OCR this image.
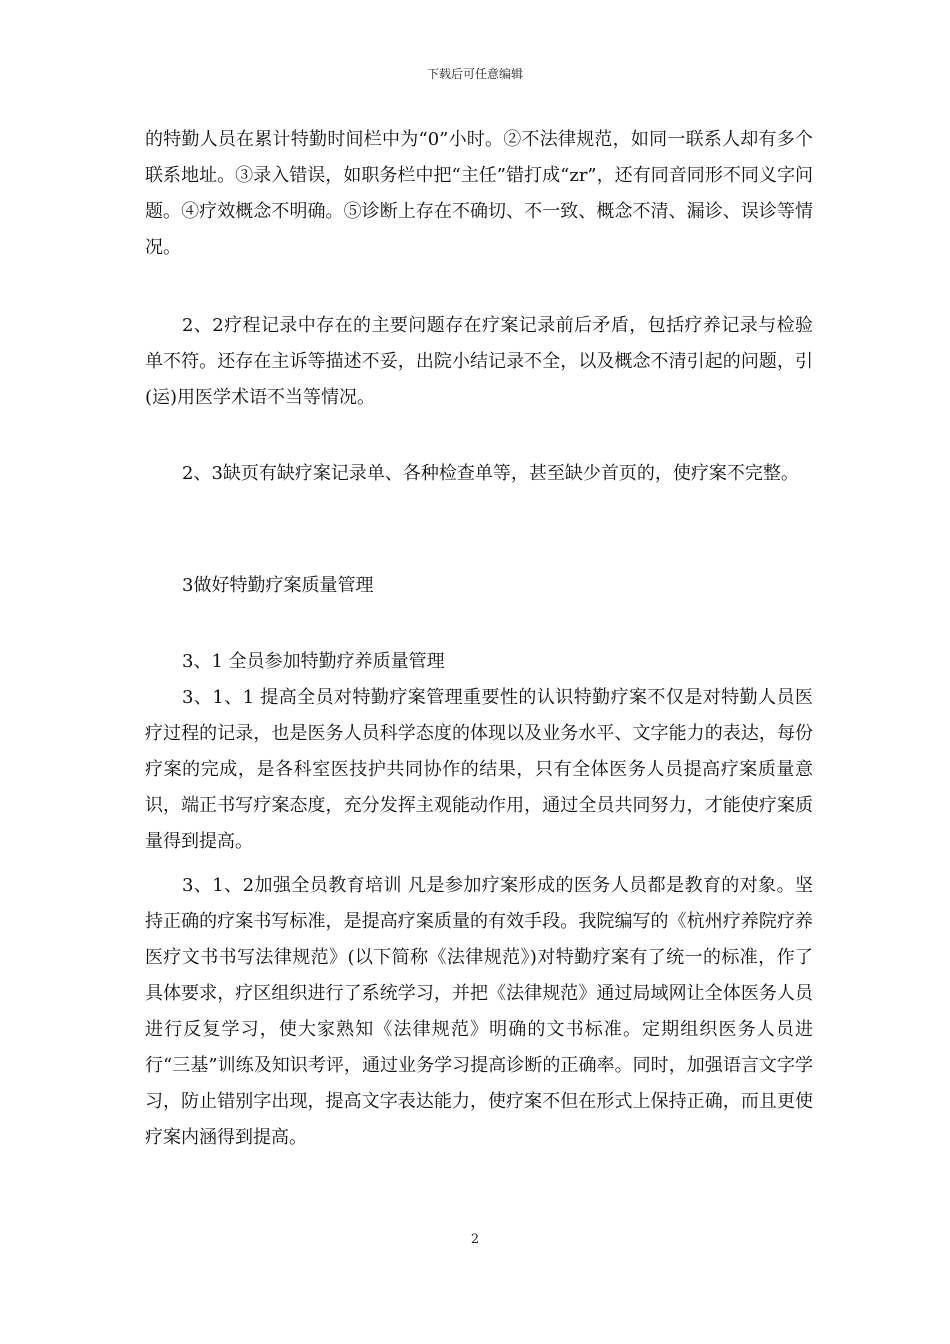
下载后可任意编辑

的特勤人员在累计特勤时间栏中为“0”小时。②不法律规范，如同一联系人却有多个联系地址。③录入错误，如职务栏中把“主任”错打成“zr”，还有同音同形不同义字问题。④疗效概念不明确。⑤诊断上存在不确切、不一致、概念不清、漏诊、误诊等情况。

2、2疗程记录中存在的主要问题存在疗案记录前后矛盾，包括疗养记录与检验单不符。还存在主诉等描述不妥，出院小结记录不全，以及概念不清引起的问题，引(运)用医学术语不当等情况。

2、3缺页有缺疗案记录单、各种检查单等，甚至缺少首页的，使疗案不完整。

3做好特勤疗案质量管理

3、1 全员参加特勤疗养质量管理

3、1、1 提高全员对特勤疗案管理重要性的认识特勤疗案不仅是对特勤人员医疗过程的记录，也是医务人员科学态度的体现以及业务水平、文字能力的表达，每份疗案的完成，是各科室医技护共同协作的结果，只有全体医务人员提高疗案质量意识，端正书写疗案态度，充分发挥主观能动作用，通过全员共同努力，才能使疗案质量得到提高。

3、1、2加强全员教育培训 凡是参加疗案形成的医务人员都是教育的对象。坚持正确的疗案书写标准，是提高疗案质量的有效手段。我院编写的《杭州疗养院疗养医疗文书书写法律规范》(以下简称《法律规范》)对特勤疗案有了统一的标准，作了具体要求，疗区组织进行了系统学习，并把《法律规范》通过局域网让全体医务人员进行反复学习，使大家熟知《法律规范》明确的文书标准。定期组织医务人员进行“三基”训练及知识考评，通过业务学习提高诊断的正确率。同时，加强语言文字学习，防止错别字出现，提高文字表达能力，使疗案不但在形式上保持正确，而且更使疗案内涵得到提高。

2
